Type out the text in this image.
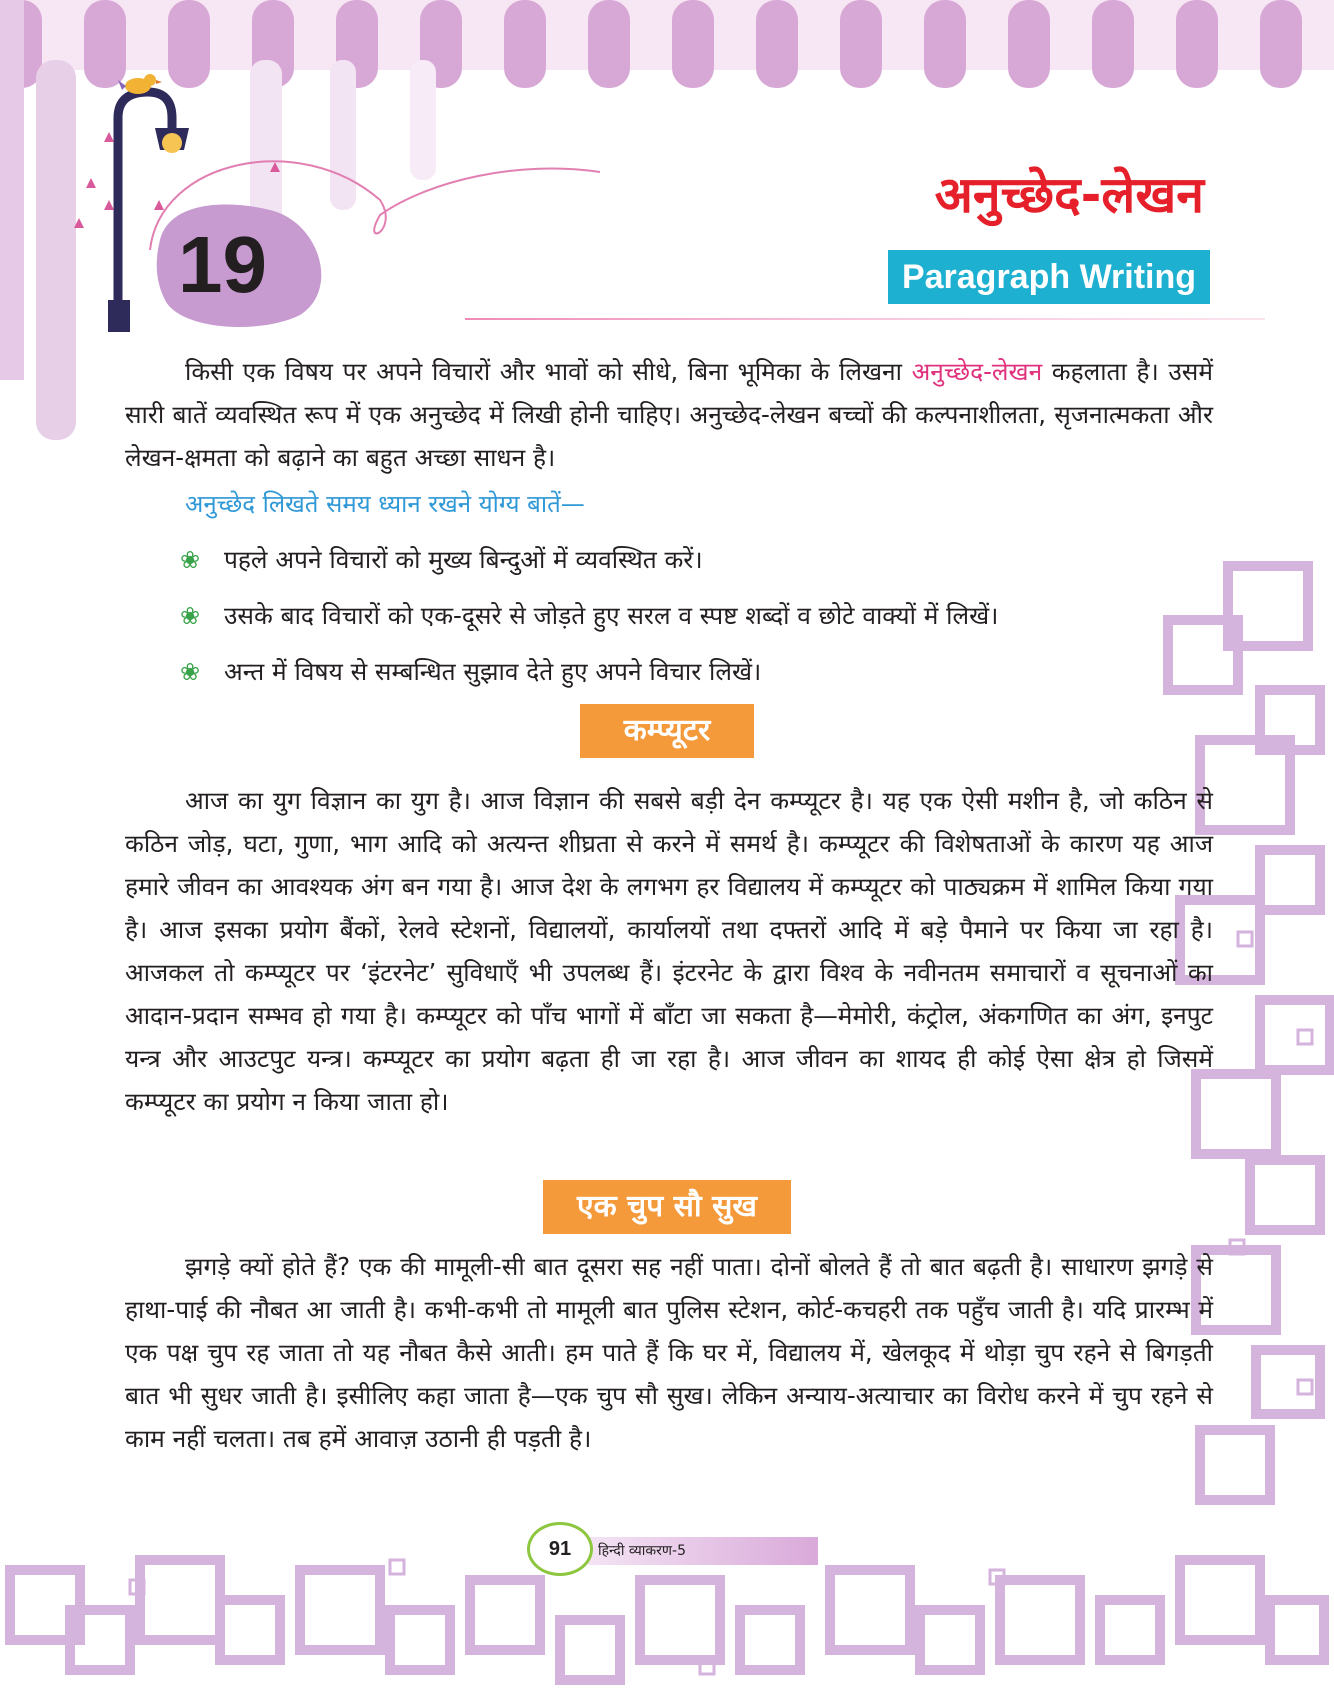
19
अनुच्छेद-लेखन
Paragraph Writing

किसी एक विषय पर अपने विचारों और भावों को सीधे, बिना भूमिका के लिखना अनुच्छेद-लेखन कहलाता है। उसमें सारी बातें व्यवस्थित रूप में एक अनुच्छेद में लिखी होनी चाहिए। अनुच्छेद-लेखन बच्चों की कल्पनाशीलता, सृजनात्मकता और लेखन-क्षमता को बढ़ाने का बहुत अच्छा साधन है।

अनुच्छेद लिखते समय ध्यान रखने योग्य बातें—

❀ पहले अपने विचारों को मुख्य बिन्दुओं में व्यवस्थित करें।
❀ उसके बाद विचारों को एक-दूसरे से जोड़ते हुए सरल व स्पष्ट शब्दों व छोटे वाक्यों में लिखें।
❀ अन्त में विषय से सम्बन्धित सुझाव देते हुए अपने विचार लिखें।
कम्प्यूटर

आज का युग विज्ञान का युग है। आज विज्ञान की सबसे बड़ी देन कम्प्यूटर है। यह एक ऐसी मशीन है, जो कठिन से कठिन जोड़, घटा, गुणा, भाग आदि को अत्यन्त शीघ्रता से करने में समर्थ है। कम्प्यूटर की विशेषताओं के कारण यह आज हमारे जीवन का आवश्यक अंग बन गया है। आज देश के लगभग हर विद्यालय में कम्प्यूटर को पाठ्यक्रम में शामिल किया गया है। आज इसका प्रयोग बैंकों, रेलवे स्टेशनों, विद्यालयों, कार्यालयों तथा दफ्तरों आदि में बड़े पैमाने पर किया जा रहा है। आजकल तो कम्प्यूटर पर ‘इंटरनेट’ सुविधाएँ भी उपलब्ध हैं। इंटरनेट के द्वारा विश्व के नवीनतम समाचारों व सूचनाओं का आदान-प्रदान सम्भव हो गया है। कम्प्यूटर को पाँच भागों में बाँटा जा सकता है—मेमोरी, कंट्रोल, अंकगणित का अंग, इनपुट यन्त्र और आउटपुट यन्त्र। कम्प्यूटर का प्रयोग बढ़ता ही जा रहा है। आज जीवन का शायद ही कोई ऐसा क्षेत्र हो जिसमें कम्प्यूटर का प्रयोग न किया जाता हो।

एक चुप सौ सुख

झगड़े क्यों होते हैं? एक की मामूली-सी बात दूसरा सह नहीं पाता। दोनों बोलते हैं तो बात बढ़ती है। साधारण झगड़े से हाथा-पाई की नौबत आ जाती है। कभी-कभी तो मामूली बात पुलिस स्टेशन, कोर्ट-कचहरी तक पहुँच जाती है। यदि प्रारम्भ में एक पक्ष चुप रह जाता तो यह नौबत कैसे आती। हम पाते हैं कि घर में, विद्यालय में, खेलकूद में थोड़ा चुप रहने से बिगड़ती बात भी सुधर जाती है। इसीलिए कहा जाता है—एक चुप सौ सुख। लेकिन अन्याय-अत्याचार का विरोध करने में चुप रहने से काम नहीं चलता। तब हमें आवाज़ उठानी ही पड़ती है।

91	हिन्दी व्याकरण-5
